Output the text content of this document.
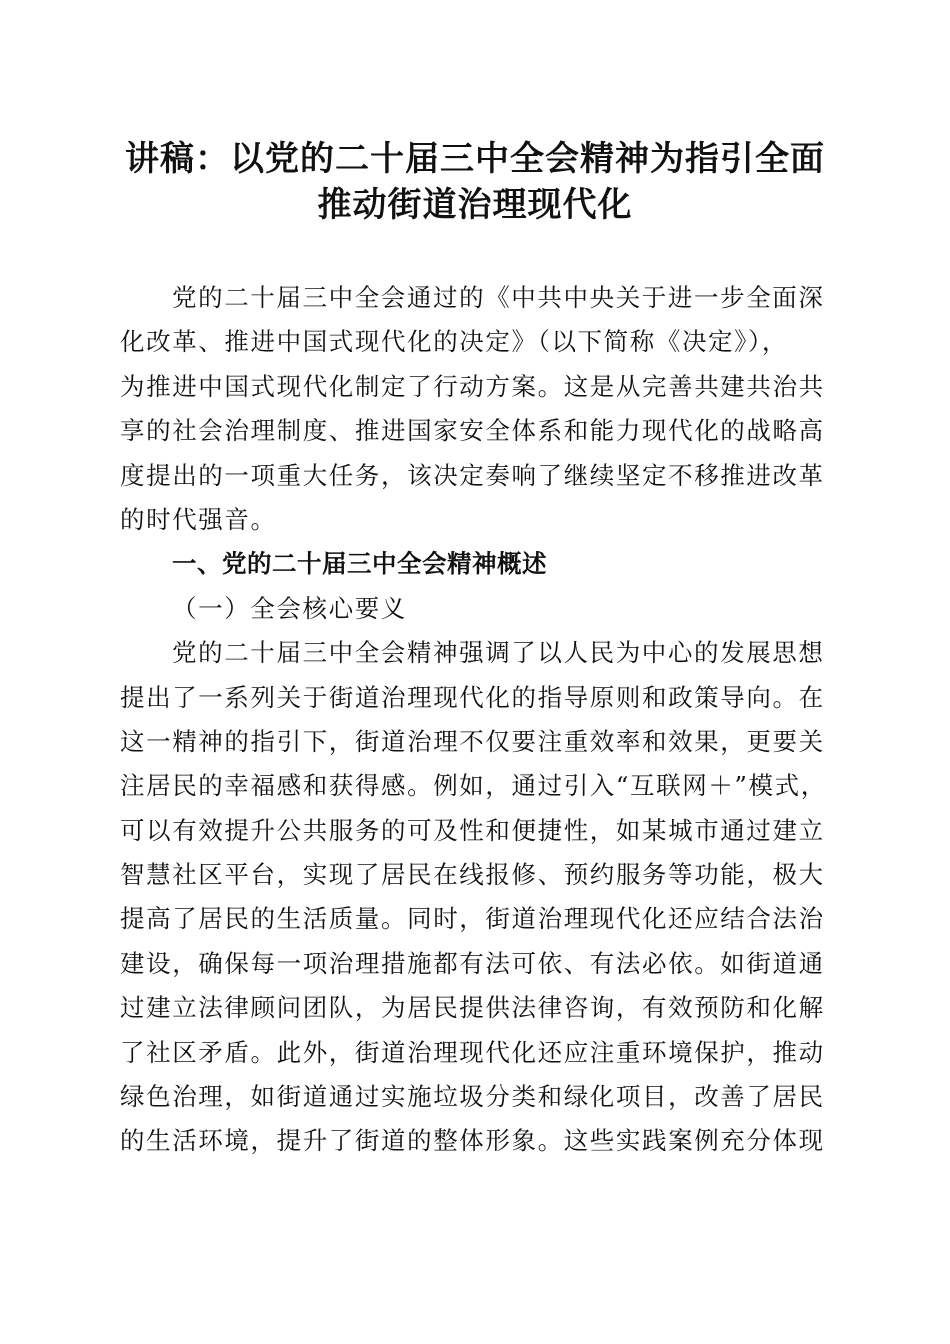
讲稿：以党的二十届三中全会精神为指引全面
推动街道治理现代化
党的二十届三中全会通过的《中共中央关于进一步全面深
化改革、推进中国式现代化的决定》（以下简称《决定》），
为推进中国式现代化制定了行动方案。这是从完善共建共治共
享的社会治理制度、推进国家安全体系和能力现代化的战略高
度提出的一项重大任务，该决定奏响了继续坚定不移推进改革
的时代强音。
一、党的二十届三中全会精神概述
（一）全会核心要义
党的二十届三中全会精神强调了以人民为中心的发展思想
提出了一系列关于街道治理现代化的指导原则和政策导向。在
这一精神的指引下，街道治理不仅要注重效率和效果，更要关
注居民的幸福感和获得感。例如，通过引入“互联网＋”模式，
可以有效提升公共服务的可及性和便捷性，如某城市通过建立
智慧社区平台，实现了居民在线报修、预约服务等功能，极大
提高了居民的生活质量。同时，街道治理现代化还应结合法治
建设，确保每一项治理措施都有法可依、有法必依。如街道通
过建立法律顾问团队，为居民提供法律咨询，有效预防和化解
了社区矛盾。此外，街道治理现代化还应注重环境保护，推动
绿色治理，如街道通过实施垃圾分类和绿化项目，改善了居民
的生活环境，提升了街道的整体形象。这些实践案例充分体现
